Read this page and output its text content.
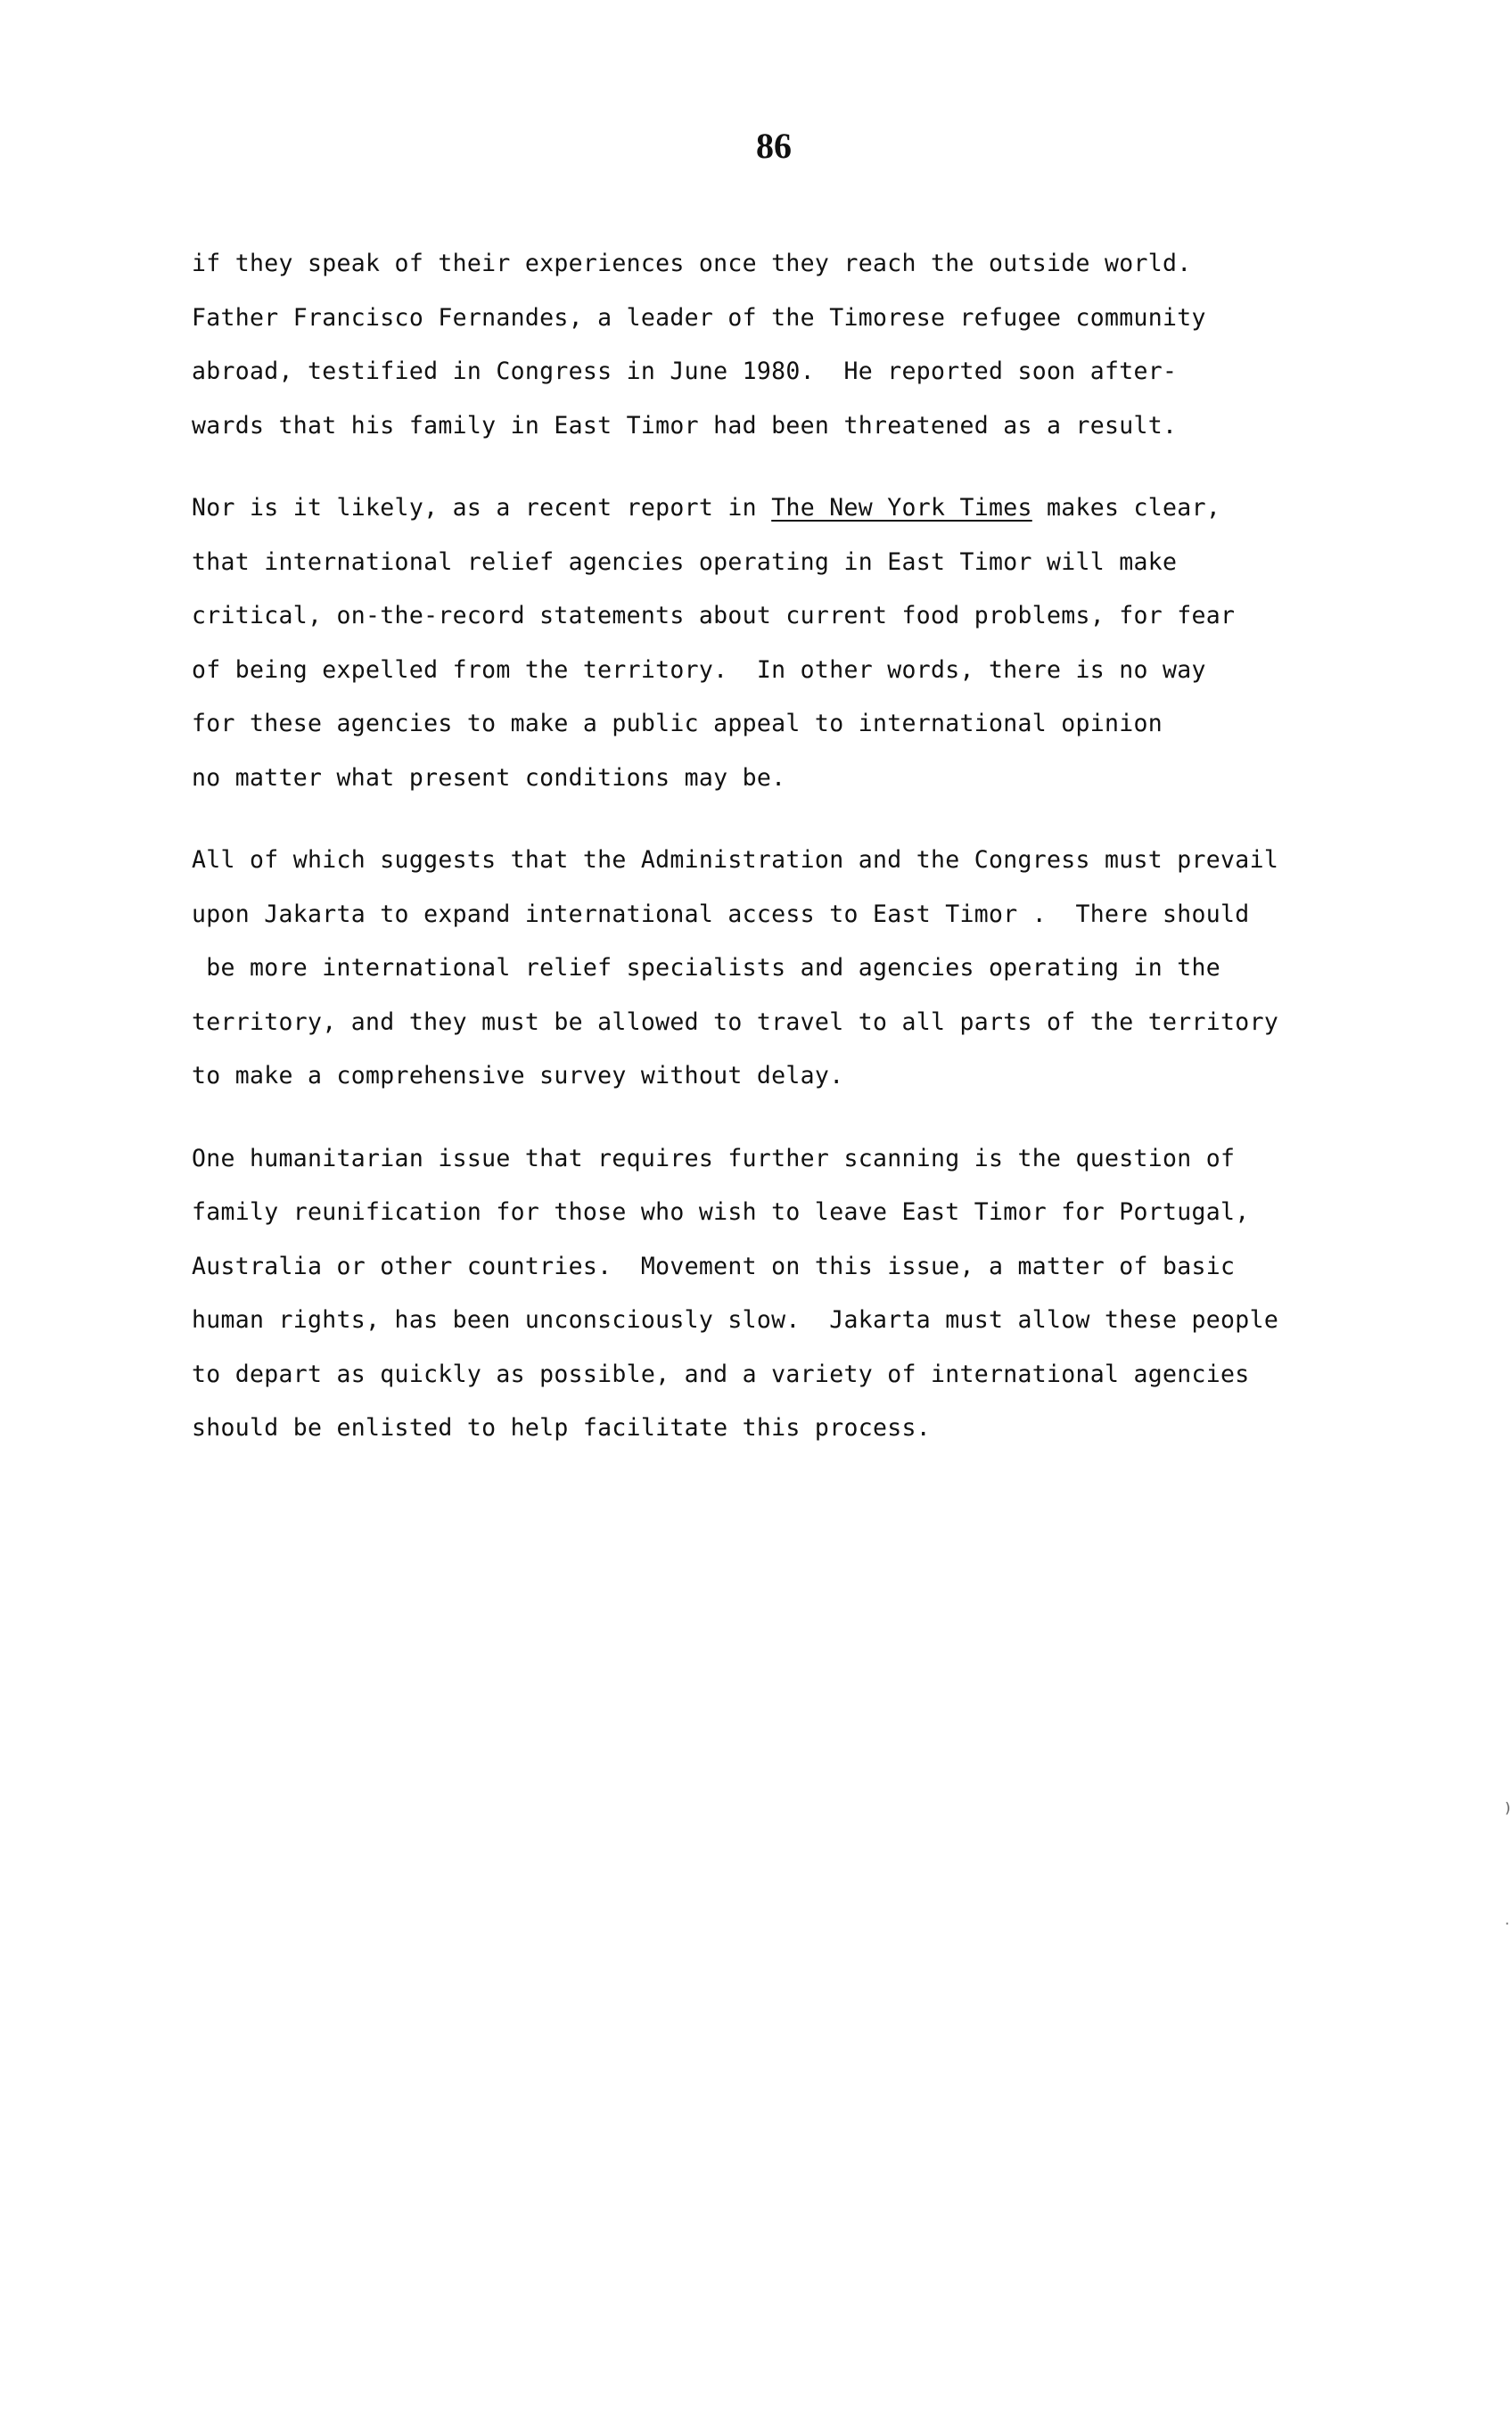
86
if they speak of their experiences once they reach the outside world.
Father Francisco Fernandes, a leader of the Timorese refugee community
abroad, testified in Congress in June 1980.  He reported soon after-
wards that his family in East Timor had been threatened as a result.
Nor is it likely, as a recent report in The New York Times makes clear,
that international relief agencies operating in East Timor will make
critical, on-the-record statements about current food problems, for fear
of being expelled from the territory.  In other words, there is no way
for these agencies to make a public appeal to international opinion
no matter what present conditions may be.
All of which suggests that the Administration and the Congress must prevail
upon Jakarta to expand international access to East Timor .  There should
be more international relief specialists and agencies operating in the
territory, and they must be allowed to travel to all parts of the territory
to make a comprehensive survey without delay.
One humanitarian issue that requires further scanning is the question of
family reunification for those who wish to leave East Timor for Portugal,
Australia or other countries.  Movement on this issue, a matter of basic
human rights, has been unconsciously slow.  Jakarta must allow these people
to depart as quickly as possible, and a variety of international agencies
should be enlisted to help facilitate this process.
)
·
